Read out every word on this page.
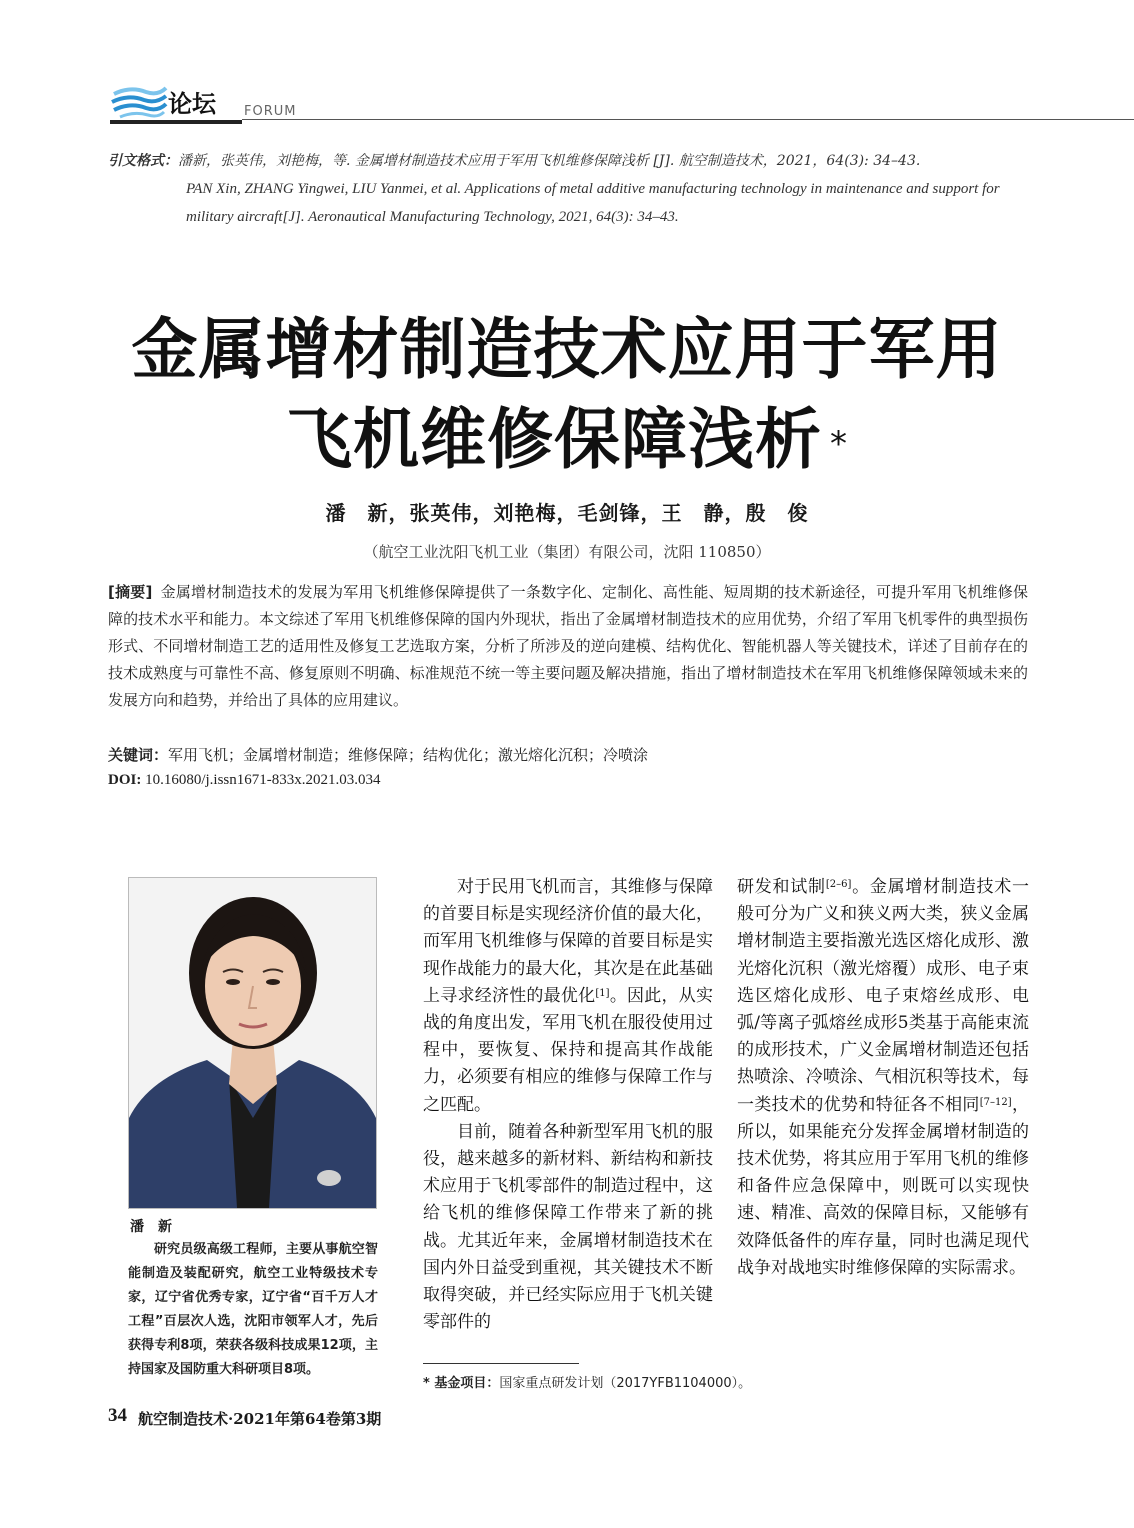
论坛 FORUM
引文格式：潘新，张英伟，刘艳梅，等. 金属增材制造技术应用于军用飞机维修保障浅析 [J]. 航空制造技术，2021，64(3): 34–43.
PAN Xin, ZHANG Yingwei, LIU Yanmei, et al. Applications of metal additive manufacturing technology in maintenance and support for military aircraft[J]. Aeronautical Manufacturing Technology, 2021, 64(3): 34–43.
金属增材制造技术应用于军用
飞机维修保障浅析 *
潘　新，张英伟，刘艳梅，毛剑锋，王　静，殷　俊
（航空工业沈阳飞机工业（集团）有限公司，沈阳 110850）
[摘要] 金属增材制造技术的发展为军用飞机维修保障提供了一条数字化、定制化、高性能、短周期的技术新途径，可提升军用飞机维修保障的技术水平和能力。本文综述了军用飞机维修保障的国内外现状，指出了金属增材制造技术的应用优势，介绍了军用飞机零件的典型损伤形式、不同增材制造工艺的适用性及修复工艺选取方案，分析了所涉及的逆向建模、结构优化、智能机器人等关键技术，详述了目前存在的技术成熟度与可靠性不高、修复原则不明确、标准规范不统一等主要问题及解决措施，指出了增材制造技术在军用飞机维修保障领域未来的发展方向和趋势，并给出了具体的应用建议。
关键词：军用飞机；金属增材制造；维修保障；结构优化；激光熔化沉积；冷喷涂
DOI: 10.16080/j.issn1671-833x.2021.03.034
潘　新
研究员级高级工程师，主要从事航空智能制造及装配研究，航空工业特级技术专家，辽宁省优秀专家，辽宁省“百千万人才工程”百层次人选，沈阳市领军人才，先后获得专利8项，荣获各级科技成果12项，主持国家及国防重大科研项目8项。

对于民用飞机而言，其维修与保障的首要目标是实现经济价值的最大化，而军用飞机维修与保障的首要目标是实现作战能力的最大化，其次是在此基础上寻求经济性的最优化[1]。因此，从实战的角度出发，军用飞机在服役使用过程中，要恢复、保持和提高其作战能力，必须要有相应的维修与保障工作与之匹配。

目前，随着各种新型军用飞机的服役，越来越多的新材料、新结构和新技术应用于飞机零部件的制造过程中，这给飞机的维修保障工作带来了新的挑战。尤其近年来，金属增材制造技术在国内外日益受到重视，其关键技术不断取得突破，并已经实际应用于飞机关键零部件的

研发和试制[2–6]。金属增材制造技术一般可分为广义和狭义两大类，狭义金属增材制造主要指激光选区熔化成形、激光熔化沉积（激光熔覆）成形、电子束选区熔化成形、电子束熔丝成形、电弧/等离子弧熔丝成形5类基于高能束流的成形技术，广义金属增材制造还包括热喷涂、冷喷涂、气相沉积等技术，每一类技术的优势和特征各不相同[7–12]，所以，如果能充分发挥金属增材制造的技术优势，将其应用于军用飞机的维修和备件应急保障中，则既可以实现快速、精准、高效的保障目标，又能够有效降低备件的库存量，同时也满足现代战争对战地实时维修保障的实际需求。

* 基金项目：国家重点研发计划（2017YFB1104000）。
34 航空制造技术·2021年第64卷第3期
